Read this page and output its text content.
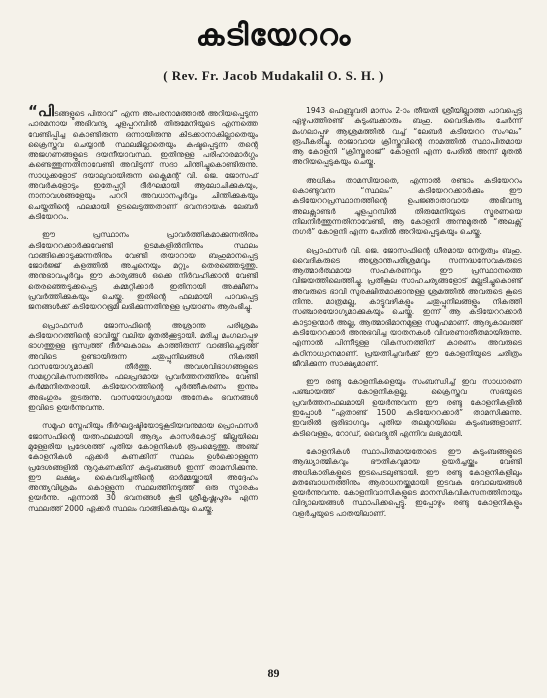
കടിയേററം
( Rev. Fr. Jacob Mudakalil O. S. H. )

“പിടങ്ങളുടെ പിതാവ്” എന്ന അപരനാമത്താൽ അറിയപ്പെടുന്ന പാരമനായ അഭിവന്ദ്യ ചൂളപ്പറമ്പിൽ തിരുമേനിയുടെ എന്നത്തെ വേണ്ടിപ്പിച്ച കൊണ്ടിരുന്ന ഒന്നായിരുന്നു കിടക്കാനാകില്ലാതെയും ക്രൈസ്തവ ചെയ്യാൻ സ്ഥലമില്ലാതെയും കഷ്ടപ്പെടുന്ന തന്റെ അജഗണങ്ങളുടെ ദയനീയാവസ്ഥ. ഇതിനുള്ള പരിഹാരമാർഗ്ഗം കണ്ടെത്തുന്നതിനാവേണ്ടി അവിടുന്ന് സദാ ചിന്തിച്ചുകൊണ്ടിരുന്നു. സാധുക്കളോട് ദയാലുവായിരുന്ന ക്ലൈമന്റ് വി. ജെ. ജോസഫ് അവർകളോടും ഇതേപ്പറ്റി ദീർഘമായി ആലോചിക്കുകയും, നാനാവശങ്ങളേയും പററി അവധാനപൂർവ്വം ചിന്തിക്കുകയും ചെയ്തതിന്റെ ഫലമായി ഉടലെടുത്തതാണ് ഭവനദായക ലേബർ കടിയേററം.

ഈ പ്രസ്ഥാനം പ്രാവർത്തികമാക്കുന്നതിനും കടിയേററക്കാർക്കുവേണ്ടി ഉടമകളിൽനിന്നും സ്ഥലം വാങ്ങിക്കൊടുക്കുന്നതിനും വേണ്ടി തയാറായ ബഹുമാനപ്പെട്ട ജോർജ്ജ് കളത്തിൽ അച്ചനെയും മറ്റും തെരഞ്ഞെടുത്തു. അനുഭാവപൂർവ്വം ഈ കാര്യങ്ങൾ ഒക്കെ നിർവഹിക്കാൻ വേണ്ടി തെരഞ്ഞെടുക്കപ്പെട്ട കമ്മറ്റിക്കാർ ഇതിനായി അക്ഷീണം പ്രവർത്തിക്കുകയും ചെയ്തു. ഇതിന്റെ ഫലമായി പാവപ്പെട്ട ജനങ്ങൾക്ക് കടിയേററഭൂമി ലഭിക്കുന്നതിനുള്ള പ്രയാണം ആരംഭിച്ചു.

പ്രൊഫസർ ജോസഫിന്റെ അശ്രാന്ത പരിശ്രമം കടിയേററത്തിന്റെ ഭാവിയ്ക്ക് വലിയ മുതൽക്കൂട്ടായി. മരിച്ച മംഗലാപ്പുഴ ഭാഗത്തുള്ള ഭൂസ്വത്ത് ദീർഘകാലം കാത്തിരുന്ന് വാങ്ങിച്ചെടുത്ത് അവിടെ ഉണ്ടായിരുന്ന ചതുപ്പുനിലങ്ങൾ നികത്തി വാസയോഗ്യമാക്കി തീർത്തു. അവശവിഭാഗങ്ങളുടെ സമഗ്രവികസനത്തിനും ഫലപ്രദമായ പ്രവർത്തനത്തിനും വേണ്ടി കർമ്മനിരതരായി. കടിയേററത്തിന്റെ പൂർത്തീകരണം ഇന്നും അഭംഗുരം തുടരുന്നു. വാസയോഗ്യമായ അനേകം ഭവനങ്ങൾ ഇവിടെ ഉയർന്നുവന്നു.

സമൂഹ സ്നേഹിയും ദീർഘദൃഷ്ടിയോടുകൂടിയവനുമായ പ്രൊഫസർ ജോസഫിന്റെ യത്നഫലമായി ആദ്യം കാസർകോട്ട് ജില്ലയിലെ മുള്ളേരിയ പ്രദേശത്ത് പുതിയ കോളനികൾ രൂപമെടുത്തു. അഞ്ച് കോളനികൾ ഏക്കർ കണക്കിന് സ്ഥലം ഉൾക്കൊള്ളുന്ന പ്രദേശങ്ങളിൽ നൂറുകണക്കിന് കുടുംബങ്ങൾ ഇന്ന് താമസിക്കുന്നു. ഈ ലക്ഷ്യം കൈവരിച്ചതിന്റെ ഓർമ്മയ്ക്കായി അദ്ദേഹം അന്ത്യവിശ്രമം കൊള്ളുന്ന സ്ഥലത്തിനടുത്ത് ഒരു സ്മാരകം ഉയർന്നു. എന്നാൽ 30 ഭവനങ്ങൾ കൂടി ശ്രീകൃഷ്ണപുരം എന്ന സ്ഥലത്ത് 2000 ഏക്കർ സ്ഥലം വാങ്ങിക്കുകയും ചെയ്തു.

1943 ഫെബ്രുവരി മാസം 2-ാം തീയതി ശ്രീയില്ലാത്ത പാവപ്പെട്ട ഏഴുപത്തിരണ്ട് കുടുംബക്കാരും ബഹു. വൈദികരും ചേർന്ന് മംഗലാപ്പുഴ ആശ്രമത്തിൽ വച്ച് “ലേബർ കടിയേററ സംഘം” രൂപീകരിച്ചു. രാജാവായ ക്രിസ്തുവിന്റെ നാമത്തിൽ സ്ഥാപിതമായ ആ കോളനി “ക്രിസ്തുരാജ്” കോളനി എന്ന പേരിൽ അന്ന് മുതൽ അറിയപ്പെടുകയും ചെയ്തു.

അധികം താമസിയാതെ, എന്നാൽ രണ്ടാം കടിയേററം കൊണ്ടുവന്ന “സ്ഥലം” കടിയേററക്കാർക്കും ഈ കടിയേററപ്രസ്ഥാനത്തിന്റെ ഉപജ്ഞാതാവായ അഭിവന്ദ്യ അലക്സാണ്ടർ ചൂളപ്പറമ്പിൽ തിരുമേനിയുടെ സ്മരണയെ നിലനിർത്തുന്നതിനാവേണ്ടി, ആ കോളനി അന്നുമുതൽ “അലക്സ് നഗർ” കോളനി എന്ന പേരിൽ അറിയപ്പെടുകയും ചെയ്തു.

പ്രൊഫസർ വി. ജെ. ജോസഫിന്റെ ധീരമായ നേതൃത്വം ബഹു. വൈദികരുടെ അശ്രാന്തപരിശ്രമവും സന്നദ്ധസേവകരുടെ ആത്മാർത്ഥമായ സഹകരണവും ഈ പ്രസ്ഥാനത്തെ വിജയത്തിലെത്തിച്ചു. പ്രതികൂല സാഹചര്യങ്ങളോട് മല്ലടിച്ചുകൊണ്ട് അവരുടെ ഭാവി സുരക്ഷിതമാക്കാനുള്ള ശ്രമത്തിൽ അവരുടെ കൂടെ നിന്നു. മാത്രമല്ല, കാട്ടുവഴികളും ചതുപ്പുനിലങ്ങളും നികത്തി സഞ്ചാരയോഗ്യമാക്കുകയും ചെയ്തു. ഇന്ന് ആ കടിയേററക്കാർ കാട്ടാളന്മാർ അല്ല, ആത്മാഭിമാനമുള്ള സമൂഹമാണ്. ആദ്യകാലത്ത് കടിയേററക്കാർ അനുഭവിച്ച യാതനകൾ വിവരണാതീതമായിരുന്നു. എന്നാൽ പിന്നീടുള്ള വികസനത്തിന് കാരണം അവരുടെ കഠിനാധ്വാനമാണ്. പ്രയത്നിച്ചവർക്ക് ഈ കോളനിയുടെ ചരിത്രം ജീവിക്കുന്ന സാക്ഷ്യമാണ്.

ഈ രണ്ടു കോളനികളെയും സംബന്ധിച്ച് ഇവ സാധാരണ പഞ്ചായത്ത് കോളനികളല്ല. ക്രൈസ്തവ സഭയുടെ പ്രവർത്തനഫലമായി ഉയർന്നുവന്ന ഈ രണ്ടു കോളനികളിൽ ഇപ്പോൾ “ഏതാണ്ട് 1500 കടിയേററക്കാർ” താമസിക്കുന്നു. ഇവരിൽ ഭൂരിഭാഗവും പുതിയ തലമുറയിലെ കുടുംബങ്ങളാണ്. കുടിവെള്ളം, റോഡ്, വൈദ്യുതി എന്നിവ ലഭ്യമായി.

കോളനികൾ സ്ഥാപിതമായതോടെ ഈ കുടുംബങ്ങളുടെ ആദ്ധ്യാത്മികവും ഭൗതികവുമായ ഉയർച്ചയ്ക്കും വേണ്ടി അധികാരികളുടെ ഇടപെടലുണ്ടായി. ഈ രണ്ടു കോളനികളിലും മതബോധനത്തിനും ആരാധനയ്ക്കുമായി ഇടവക ദേവാലയങ്ങൾ ഉയർന്നുവന്നു. കോളനിവാസികളുടെ മാനസികവികസനത്തിനായും വിദ്യാലയങ്ങൾ സ്ഥാപിക്കപ്പെട്ടു. ഇപ്പോഴും രണ്ടു കോളനികളും വളർച്ചയുടെ പാതയിലാണ്.

89
